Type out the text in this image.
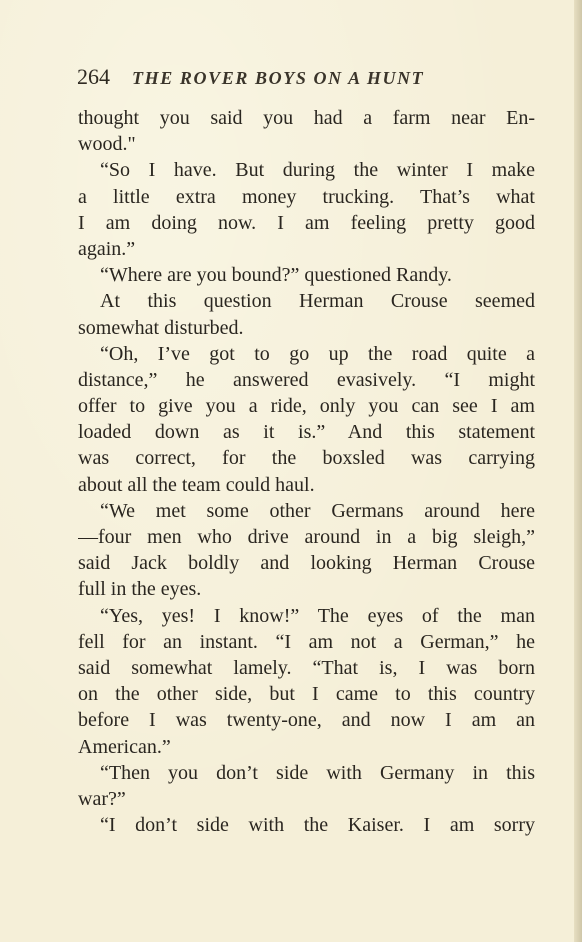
264 THE ROVER BOYS ON A HUNT
thought you said you had a farm near En-
wood."
“So I have. But during the winter I make
a little extra money trucking. That’s what
I am doing now. I am feeling pretty good
again.”
“Where are you bound?” questioned Randy.
At this question Herman Crouse seemed
somewhat disturbed.
“Oh, I’ve got to go up the road quite a
distance,” he answered evasively. “I might
offer to give you a ride, only you can see I am
loaded down as it is.” And this statement
was correct, for the boxsled was carrying
about all the team could haul.
“We met some other Germans around here
—four men who drive around in a big sleigh,”
said Jack boldly and looking Herman Crouse
full in the eyes.
“Yes, yes! I know!” The eyes of the man
fell for an instant. “I am not a German,” he
said somewhat lamely. “That is, I was born
on the other side, but I came to this country
before I was twenty-one, and now I am an
American.”
“Then you don’t side with Germany in this
war?”
“I don’t side with the Kaiser. I am sorry
